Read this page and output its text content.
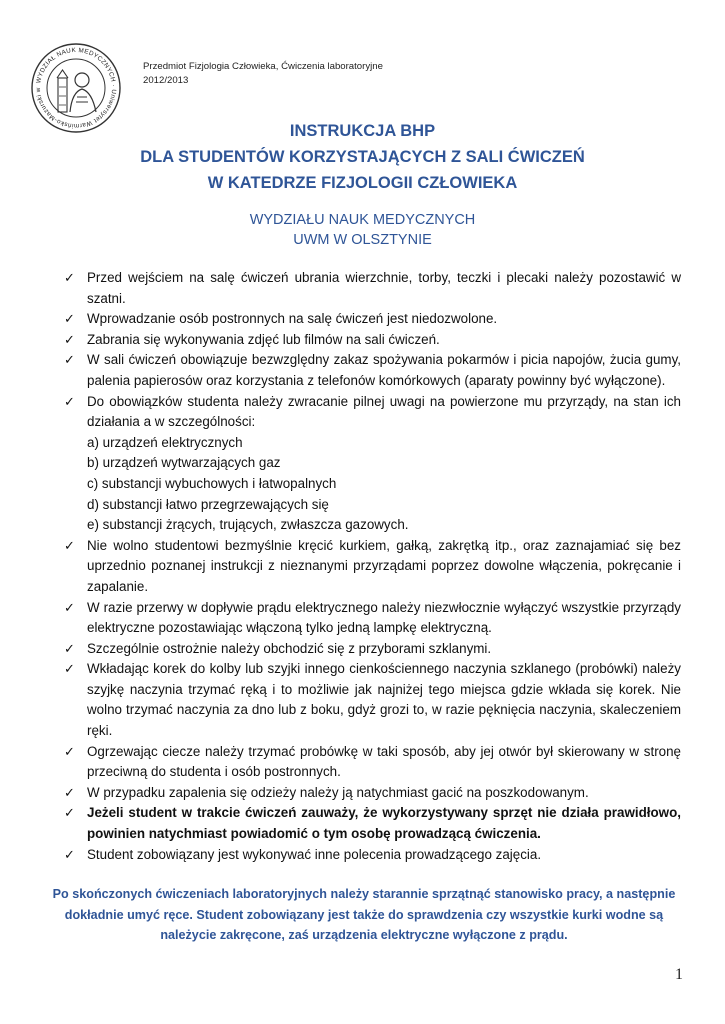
WYDZIAŁ NAUK MEDYCZNYCH · Uniwersytet Warmińsko-Mazurski w
Przedmiot Fizjologia Człowieka, Ćwiczenia laboratoryjne
2012/2013
INSTRUKCJA BHP
DLA STUDENTÓW KORZYSTAJĄCYCH Z SALI ĆWICZEŃ
W KATEDRZE FIZJOLOGII CZŁOWIEKA
WYDZIAŁU NAUK MEDYCZNYCH
UWM W OLSZTYNIE
✓ Przed wejściem na salę ćwiczeń ubrania wierzchnie, torby, teczki i plecaki należy pozostawić w szatni.
✓ Wprowadzanie osób postronnych na salę ćwiczeń jest niedozwolone.
✓ Zabrania się wykonywania zdjęć lub filmów na sali ćwiczeń.
✓ W sali ćwiczeń obowiązuje bezwzględny zakaz spożywania pokarmów i picia napojów, żucia gumy, palenia papierosów oraz korzystania z telefonów komórkowych (aparaty powinny być wyłączone).
✓ Do obowiązków studenta należy zwracanie pilnej uwagi na powierzone mu przyrządy, na stan ich działania a w szczególności:
a) urządzeń elektrycznych
b) urządzeń wytwarzających gaz
c) substancji wybuchowych i łatwopalnych
d) substancji łatwo przegrzewających się
e) substancji żrących, trujących, zwłaszcza gazowych.
✓ Nie wolno studentowi bezmyślnie kręcić kurkiem, gałką, zakrętką itp., oraz zaznajamiać się bez uprzednio poznanej instrukcji z nieznanymi przyrządami poprzez dowolne włączenia, pokręcanie i zapalanie.
✓ W razie przerwy w dopływie prądu elektrycznego należy niezwłocznie wyłączyć wszystkie przyrządy elektryczne pozostawiając włączoną tylko jedną lampkę elektryczną.
✓ Szczególnie ostrożnie należy obchodzić się z przyborami szklanymi.
✓ Wkładając korek do kolby lub szyjki innego cienkościennego naczynia szklanego (probówki) należy szyjkę naczynia trzymać ręką i to możliwie jak najniżej tego miejsca gdzie wkłada się korek. Nie wolno trzymać naczynia za dno lub z boku, gdyż grozi to, w razie pęknięcia naczynia, skaleczeniem ręki.
✓ Ogrzewając ciecze należy trzymać probówkę w taki sposób, aby jej otwór był skierowany w stronę przeciwną do studenta i osób postronnych.
✓ W przypadku zapalenia się odzieży należy ją natychmiast gacić na poszkodowanym.
✓ Jeżeli student w trakcie ćwiczeń zauważy, że wykorzystywany sprzęt nie działa prawidłowo, powinien natychmiast powiadomić o tym osobę prowadzącą ćwiczenia.
✓ Student zobowiązany jest wykonywać inne polecenia prowadzącego zajęcia.
Po skończonych ćwiczeniach laboratoryjnych należy starannie sprzątnąć stanowisko pracy, a następnie dokładnie umyć ręce. Student zobowiązany jest także do sprawdzenia czy wszystkie kurki wodne są należycie zakręcone, zaś urządzenia elektryczne wyłączone z prądu.
1
